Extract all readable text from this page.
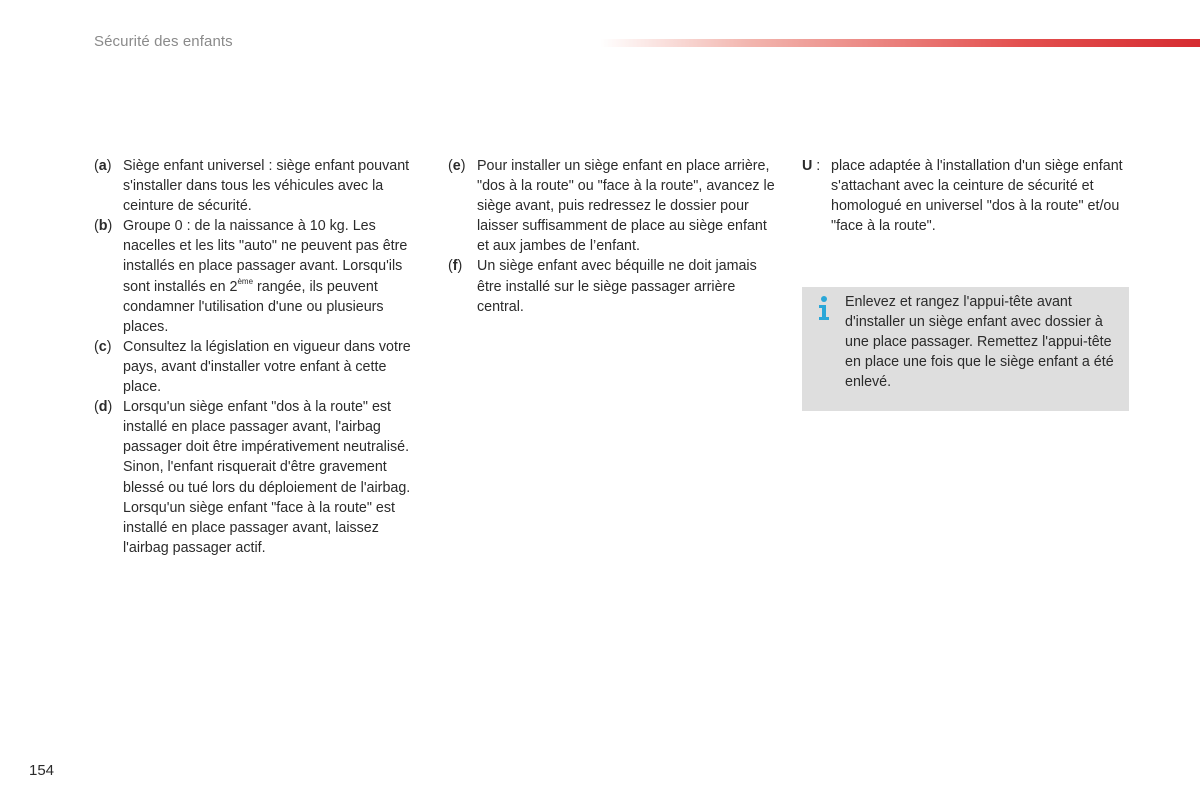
Sécurité des enfants
(a) Siège enfant universel : siège enfant pouvant s'installer dans tous les véhicules avec la ceinture de sécurité.
(b) Groupe 0 : de la naissance à 10 kg. Les nacelles et les lits "auto" ne peuvent pas être installés en place passager avant. Lorsqu'ils sont installés en 2ème rangée, ils peuvent condamner l'utilisation d'une ou plusieurs places.
(c) Consultez la législation en vigueur dans votre pays, avant d'installer votre enfant à cette place.
(d) Lorsqu'un siège enfant "dos à la route" est installé en place passager avant, l'airbag passager doit être impérativement neutralisé. Sinon, l'enfant risquerait d'être gravement blessé ou tué lors du déploiement de l'airbag.
Lorsqu'un siège enfant "face à la route" est installé en place passager avant, laissez l'airbag passager actif.
(e) Pour installer un siège enfant en place arrière, "dos à la route" ou "face à la route", avancez le siège avant, puis redressez le dossier pour laisser suffisamment de place au siège enfant et aux jambes de l’enfant.
(f)	Un siège enfant avec béquille ne doit jamais être installé sur le siège passager arrière central.
U : place adaptée à l'installation d'un siège enfant s'attachant avec la ceinture de sécurité et homologué en universel "dos à la route" et/ou "face à la route".
Enlevez et rangez l'appui-tête avant d'installer un siège enfant avec dossier à une place passager. Remettez l'appui-tête en place une fois que le siège enfant a été enlevé.
154
